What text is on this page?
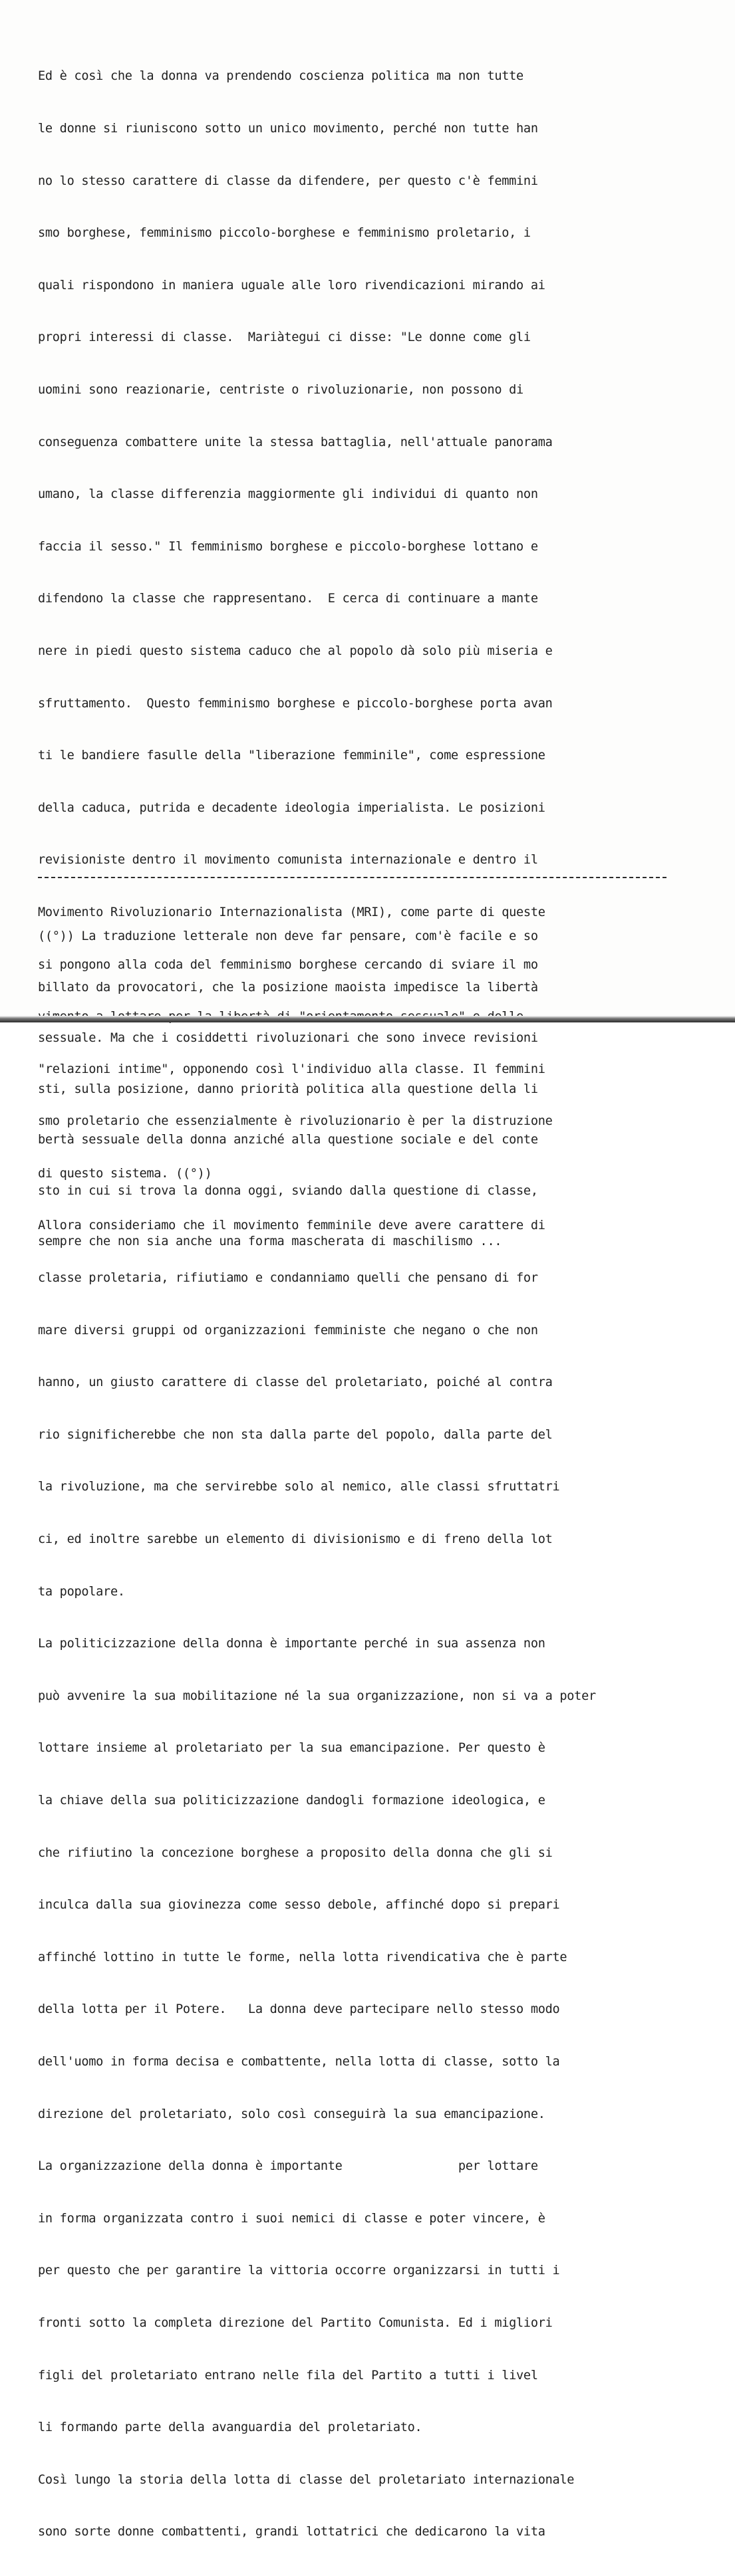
Ed è così che la donna va prendendo coscienza politica ma non tutte

le donne si riuniscono sotto un unico movimento, perché non tutte han

no lo stesso carattere di classe da difendere, per questo c'è femmini

smo borghese, femminismo piccolo-borghese e femminismo proletario, i

quali rispondono in maniera uguale alle loro rivendicazioni mirando ai

propri interessi di classe.  Mariàtegui ci disse: "Le donne come gli

uomini sono reazionarie, centriste o rivoluzionarie, non possono di

conseguenza combattere unite la stessa battaglia, nell'attuale panorama

umano, la classe differenzia maggiormente gli individui di quanto non

faccia il sesso." Il femminismo borghese e piccolo-borghese lottano e

difendono la classe che rappresentano.  E cerca di continuare a mante

nere in piedi questo sistema caduco che al popolo dà solo più miseria e

sfruttamento.  Questo femminismo borghese e piccolo-borghese porta avan

ti le bandiere fasulle della "liberazione femminile", come espressione

della caduca, putrida e decadente ideologia imperialista. Le posizioni

revisioniste dentro il movimento comunista internazionale e dentro il

Movimento Rivoluzionario Internazionalista (MRI), come parte di queste

si pongono alla coda del femminismo borghese cercando di sviare il mo

"relazioni intime", opponendo così l'individuo alla classe. Il femmini

smo proletario che essenzialmente è rivoluzionario è per la distruzione

di questo sistema. ((°))

Allora consideriamo che il movimento femminile deve avere carattere di

classe proletaria, rifiutiamo e condanniamo quelli che pensano di for

mare diversi gruppi od organizzazioni femministe che negano o che non

hanno, un giusto carattere di classe del proletariato, poiché al contra

rio significherebbe che non sta dalla parte del popolo, dalla parte del

la rivoluzione, ma che servirebbe solo al nemico, alle classi sfruttatri

ci, ed inoltre sarebbe un elemento di divisionismo e di freno della lot

ta popolare.

La politicizzazione della donna è importante perché in sua assenza non

può avvenire la sua mobilitazione né la sua organizzazione, non si va a poter

lottare insieme al proletariato per la sua emancipazione. Per questo è

la chiave della sua politicizzazione dandogli formazione ideologica, e

che rifiutino la concezione borghese a proposito della donna che gli si

inculca dalla sua giovinezza come sesso debole, affinché dopo si prepari

affinché lottino in tutte le forme, nella lotta rivendicativa che è parte

della lotta per il Potere.   La donna deve partecipare nello stesso modo

dell'uomo in forma decisa e combattente, nella lotta di classe, sotto la

direzione del proletariato, solo così conseguirà la sua emancipazione.

La organizzazione della donna è importante                per lottare

in forma organizzata contro i suoi nemici di classe e poter vincere, è

per questo che per garantire la vittoria occorre organizzarsi in tutti i

fronti sotto la completa direzione del Partito Comunista. Ed i migliori

figli del proletariato entrano nelle fila del Partito a tutti i livel

li formando parte della avanguardia del proletariato.

Così lungo la storia della lotta di classe del proletariato internazionale

sono sorte donne combattenti, grandi lottatrici che dedicarono la vita

((°)) La traduzione letterale non deve far pensare, com'è facile e so

billato da provocatori, che la posizione maoista impedisce la libertà

sessuale. Ma che i cosiddetti rivoluzionari che sono invece revisioni

sti, sulla posizione, danno priorità politica alla questione della li

bertà sessuale della donna anziché alla questione sociale e del conte

sto in cui si trova la donna oggi, sviando dalla questione di classe,

sempre che non sia anche una forma mascherata di maschilismo ...
